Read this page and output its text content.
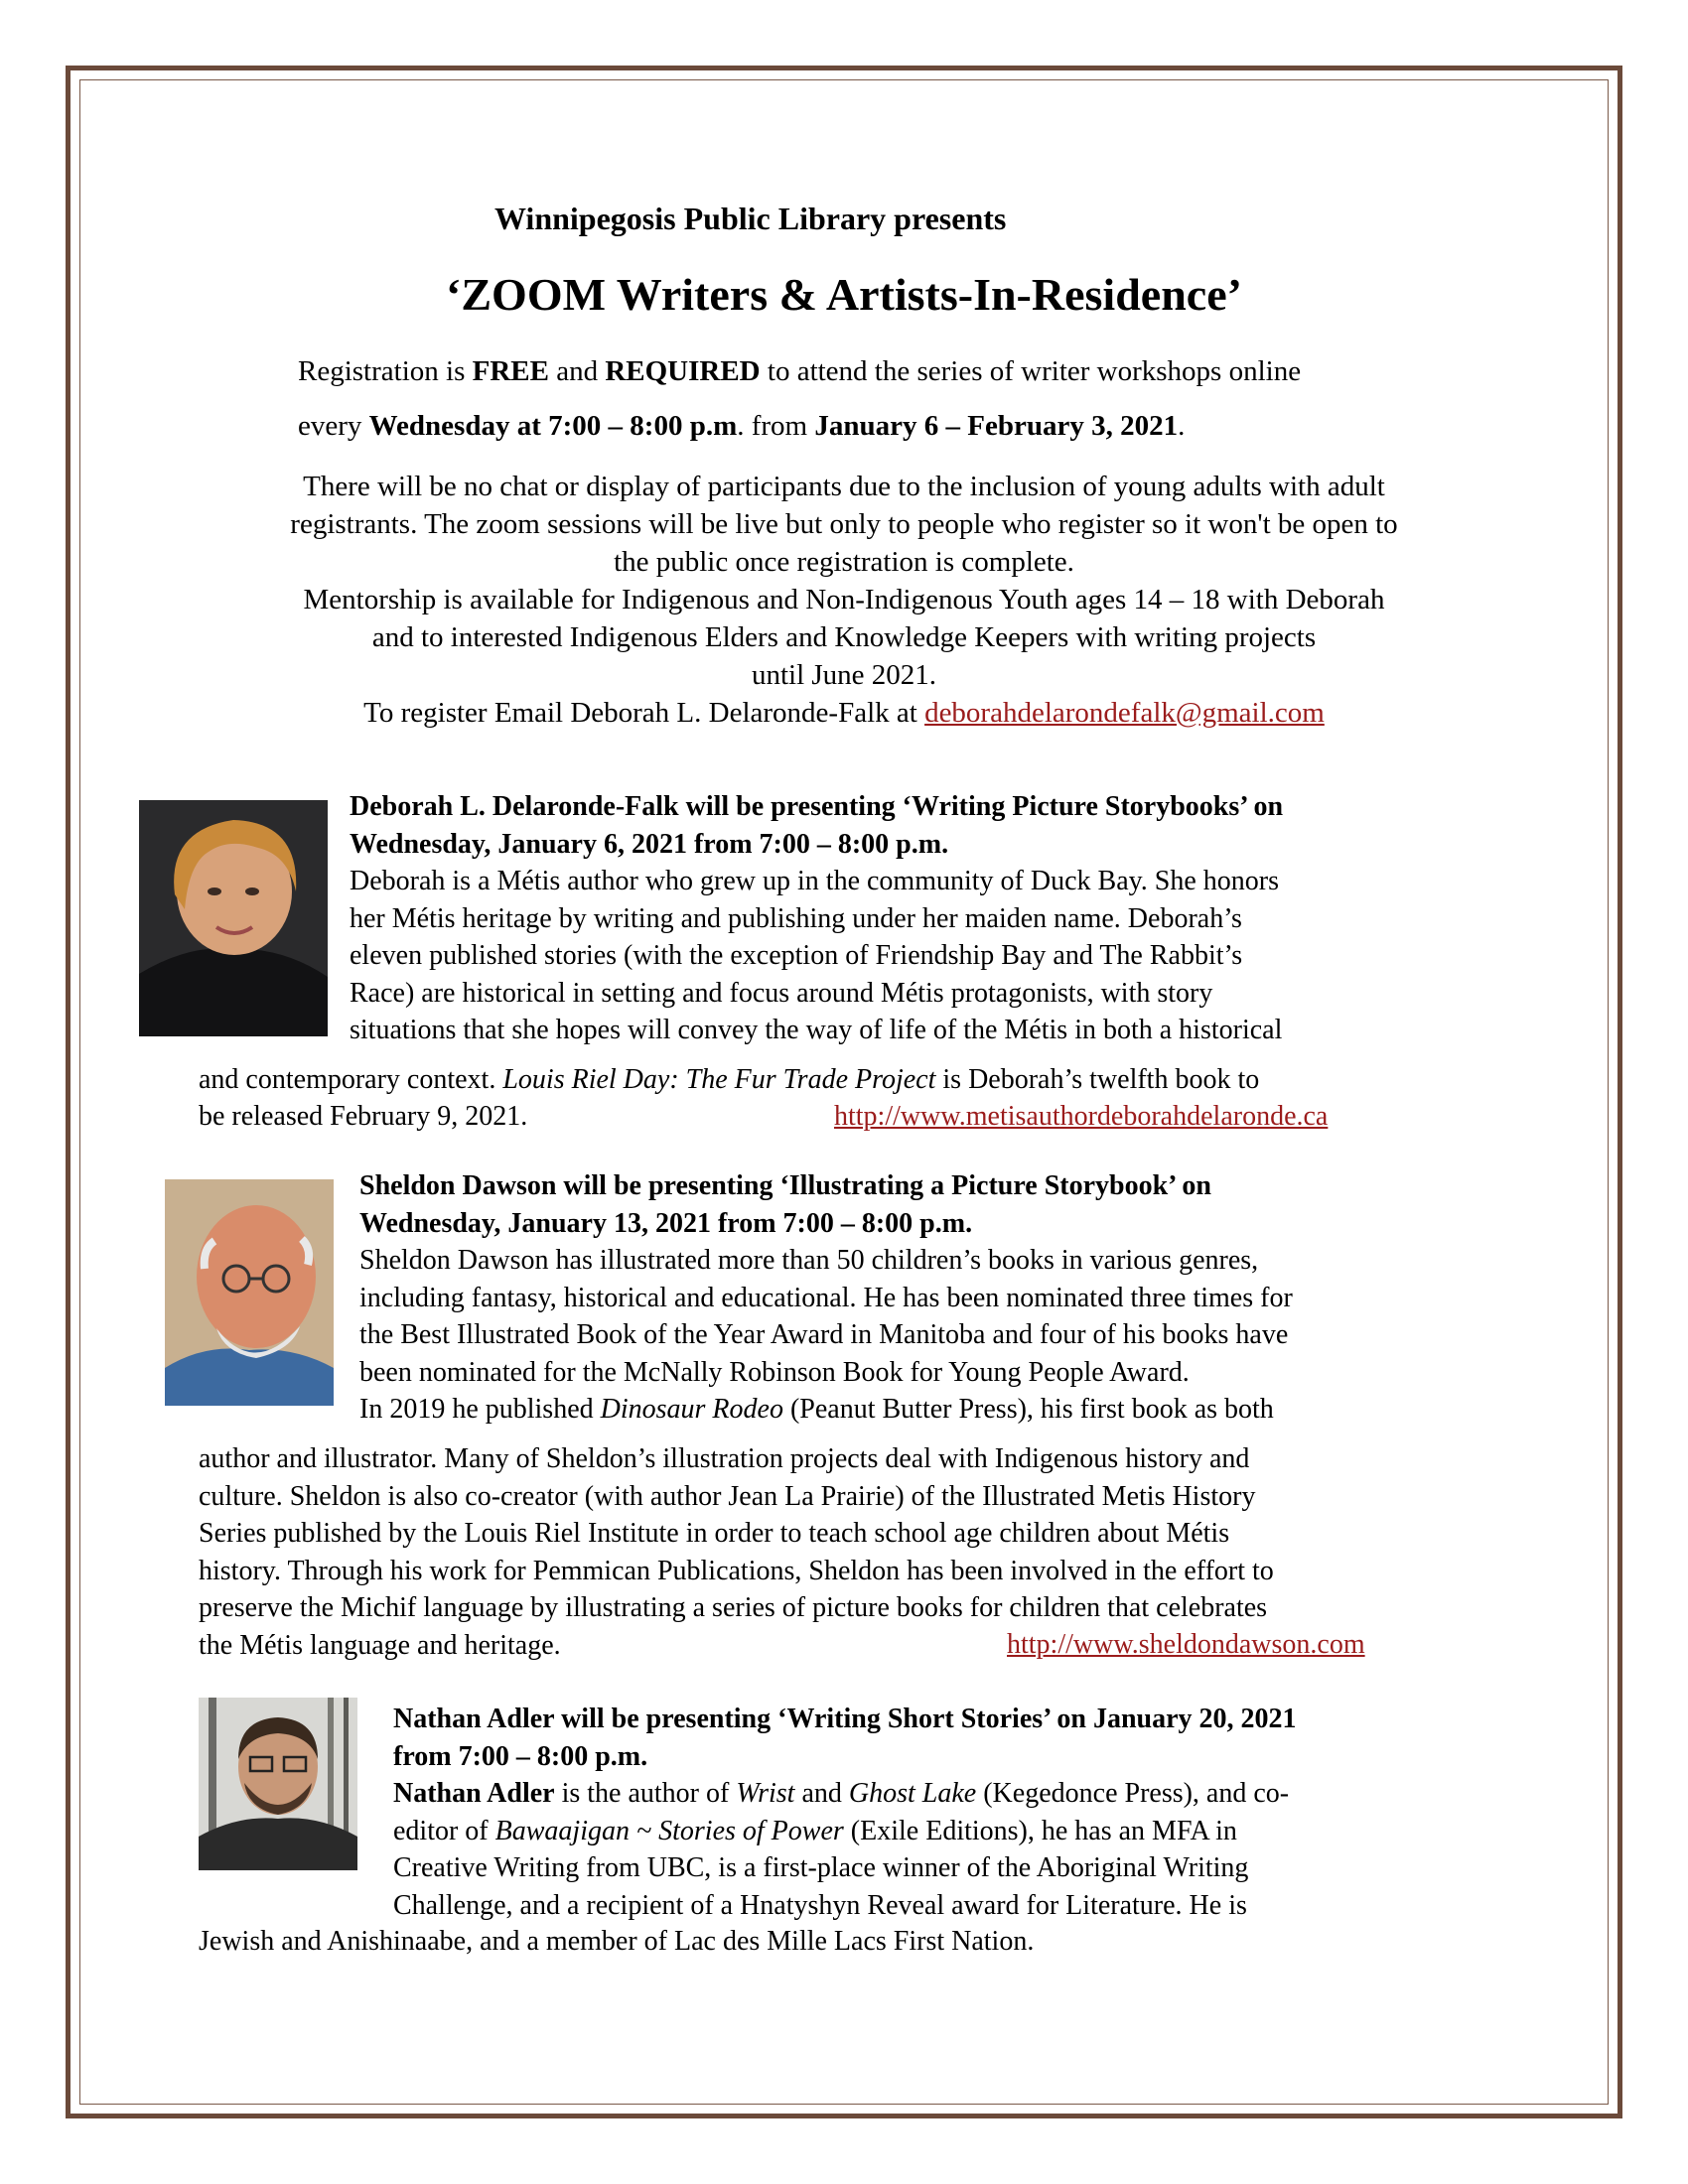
Winnipegosis Public Library presents
‘ZOOM Writers & Artists-In-Residence’
Registration is FREE and REQUIRED to attend the series of writer workshops online
every Wednesday at 7:00 – 8:00 p.m. from January 6 – February 3, 2021.
There will be no chat or display of participants due to the inclusion of young adults with adult
registrants. The zoom sessions will be live but only to people who register so it won't be open to
the public once registration is complete.
Mentorship is available for Indigenous and Non-Indigenous Youth ages 14 – 18 with Deborah
and to interested Indigenous Elders and Knowledge Keepers with writing projects
until June 2021.
To register Email Deborah L. Delaronde-Falk at deborahdelarondefalk@gmail.com
Deborah L. Delaronde-Falk will be presenting ‘Writing Picture Storybooks’ on
Wednesday, January 6, 2021 from 7:00 – 8:00 p.m.
Deborah is a Métis author who grew up in the community of Duck Bay. She honors
her Métis heritage by writing and publishing under her maiden name. Deborah’s
eleven published stories (with the exception of Friendship Bay and The Rabbit’s
Race) are historical in setting and focus around Métis protagonists, with story
situations that she hopes will convey the way of life of the Métis in both a historical
and contemporary context. Louis Riel Day: The Fur Trade Project is Deborah’s twelfth book to
be released February 9, 2021.	http://www.metisauthordeborahdelaronde.ca
Sheldon Dawson will be presenting ‘Illustrating a Picture Storybook’ on
Wednesday, January 13, 2021 from 7:00 – 8:00 p.m.
Sheldon Dawson has illustrated more than 50 children’s books in various genres,
including fantasy, historical and educational. He has been nominated three times for
the Best Illustrated Book of the Year Award in Manitoba and four of his books have
been nominated for the McNally Robinson Book for Young People Award.
In 2019 he published Dinosaur Rodeo (Peanut Butter Press), his first book as both
author and illustrator. Many of Sheldon’s illustration projects deal with Indigenous history and
culture. Sheldon is also co-creator (with author Jean La Prairie) of the Illustrated Metis History
Series published by the Louis Riel Institute in order to teach school age children about Métis
history. Through his work for Pemmican Publications, Sheldon has been involved in the effort to
preserve the Michif language by illustrating a series of picture books for children that celebrates
the Métis language and heritage.	http://www.sheldondawson.com
Nathan Adler will be presenting ‘Writing Short Stories’ on January 20, 2021
from 7:00 – 8:00 p.m.
Nathan Adler is the author of Wrist and Ghost Lake (Kegedonce Press), and co-
editor of Bawaajigan ~ Stories of Power (Exile Editions), he has an MFA in
Creative Writing from UBC, is a first-place winner of the Aboriginal Writing
Challenge, and a recipient of a Hnatyshyn Reveal award for Literature. He is
Jewish and Anishinaabe, and a member of Lac des Mille Lacs First Nation.
